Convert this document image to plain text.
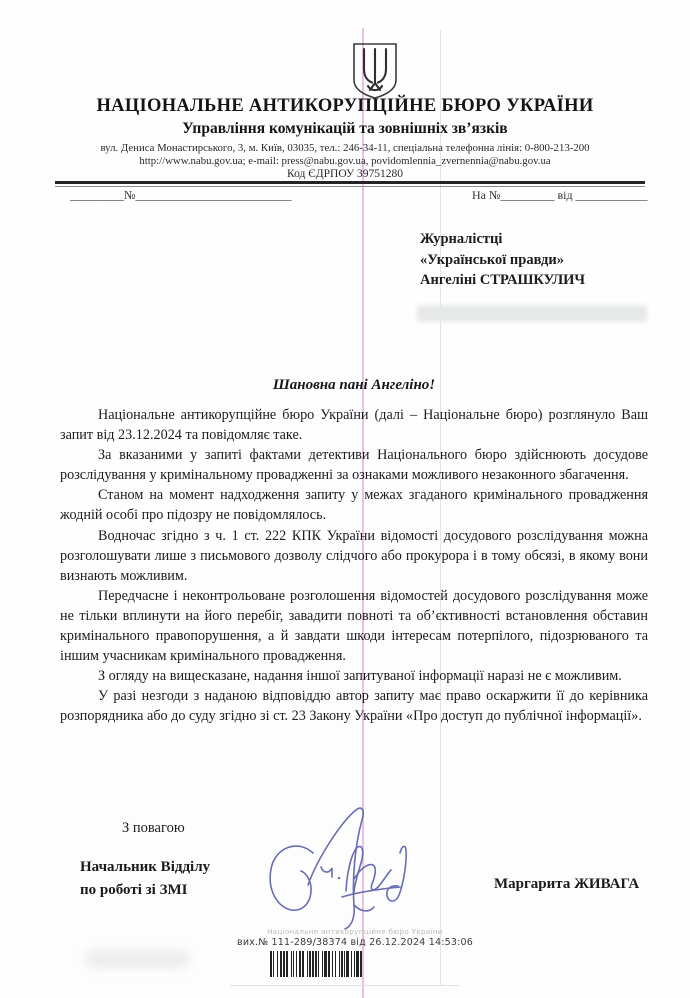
НАЦІОНАЛЬНЕ АНТИКОРУПЦІЙНЕ БЮРО УКРАЇНИ
Управління комунікацій та зовнішніх зв’язків
вул. Дениса Монастирського, 3, м. Київ, 03035, тел.: 246-34-11, спеціальна телефонна лінія: 0-800-213-200
http://www.nabu.gov.ua; e-mail: press@nabu.gov.ua, povidomlennia_zvernennia@nabu.gov.ua
Код ЄДРПОУ 39751280
_________№__________________________	На №_________ від ____________
Журналістці
«Української правди»
Ангеліні СТРАШКУЛИЧ
Шановна пані Ангеліно!

Національне антикорупційне бюро України (далі – Національне бюро) розглянуло Ваш запит від 23.12.2024 та повідомляє таке.

За вказаними у запиті фактами детективи Національного бюро здійснюють досудове розслідування у кримінальному провадженні за ознаками можливого незаконного збагачення.

Станом на момент надходження запиту у межах згаданого кримінального провадження жодній особі про підозру не повідомлялось.

Водночас згідно з ч. 1 ст. 222 КПК України відомості досудового розслідування можна розголошувати лише з письмового дозволу слідчого або прокурора і в тому обсязі, в якому вони визнають можливим.

Передчасне і неконтрольоване розголошення відомостей досудового розслідування може не тільки вплинути на його перебіг, завадити повноті та об’єктивності встановлення обставин кримінального правопорушення, а й завдати шкоди інтересам потерпілого, підозрюваного та іншим учасникам кримінального провадження.

З огляду на вищесказане, надання іншої запитуваної інформації наразі не є можливим.

У разі незгоди з наданою відповіддю автор запиту має право оскаржити її до керівника розпорядника або до суду згідно зі ст. 23 Закону України «Про доступ до публічної інформації».

З повагою
Начальник Відділу
по роботі зі ЗМІ	Маргарита ЖИВАГА
Національне антикорупційне бюро України
вих.№ 111-289/38374 від 26.12.2024 14:53:06
